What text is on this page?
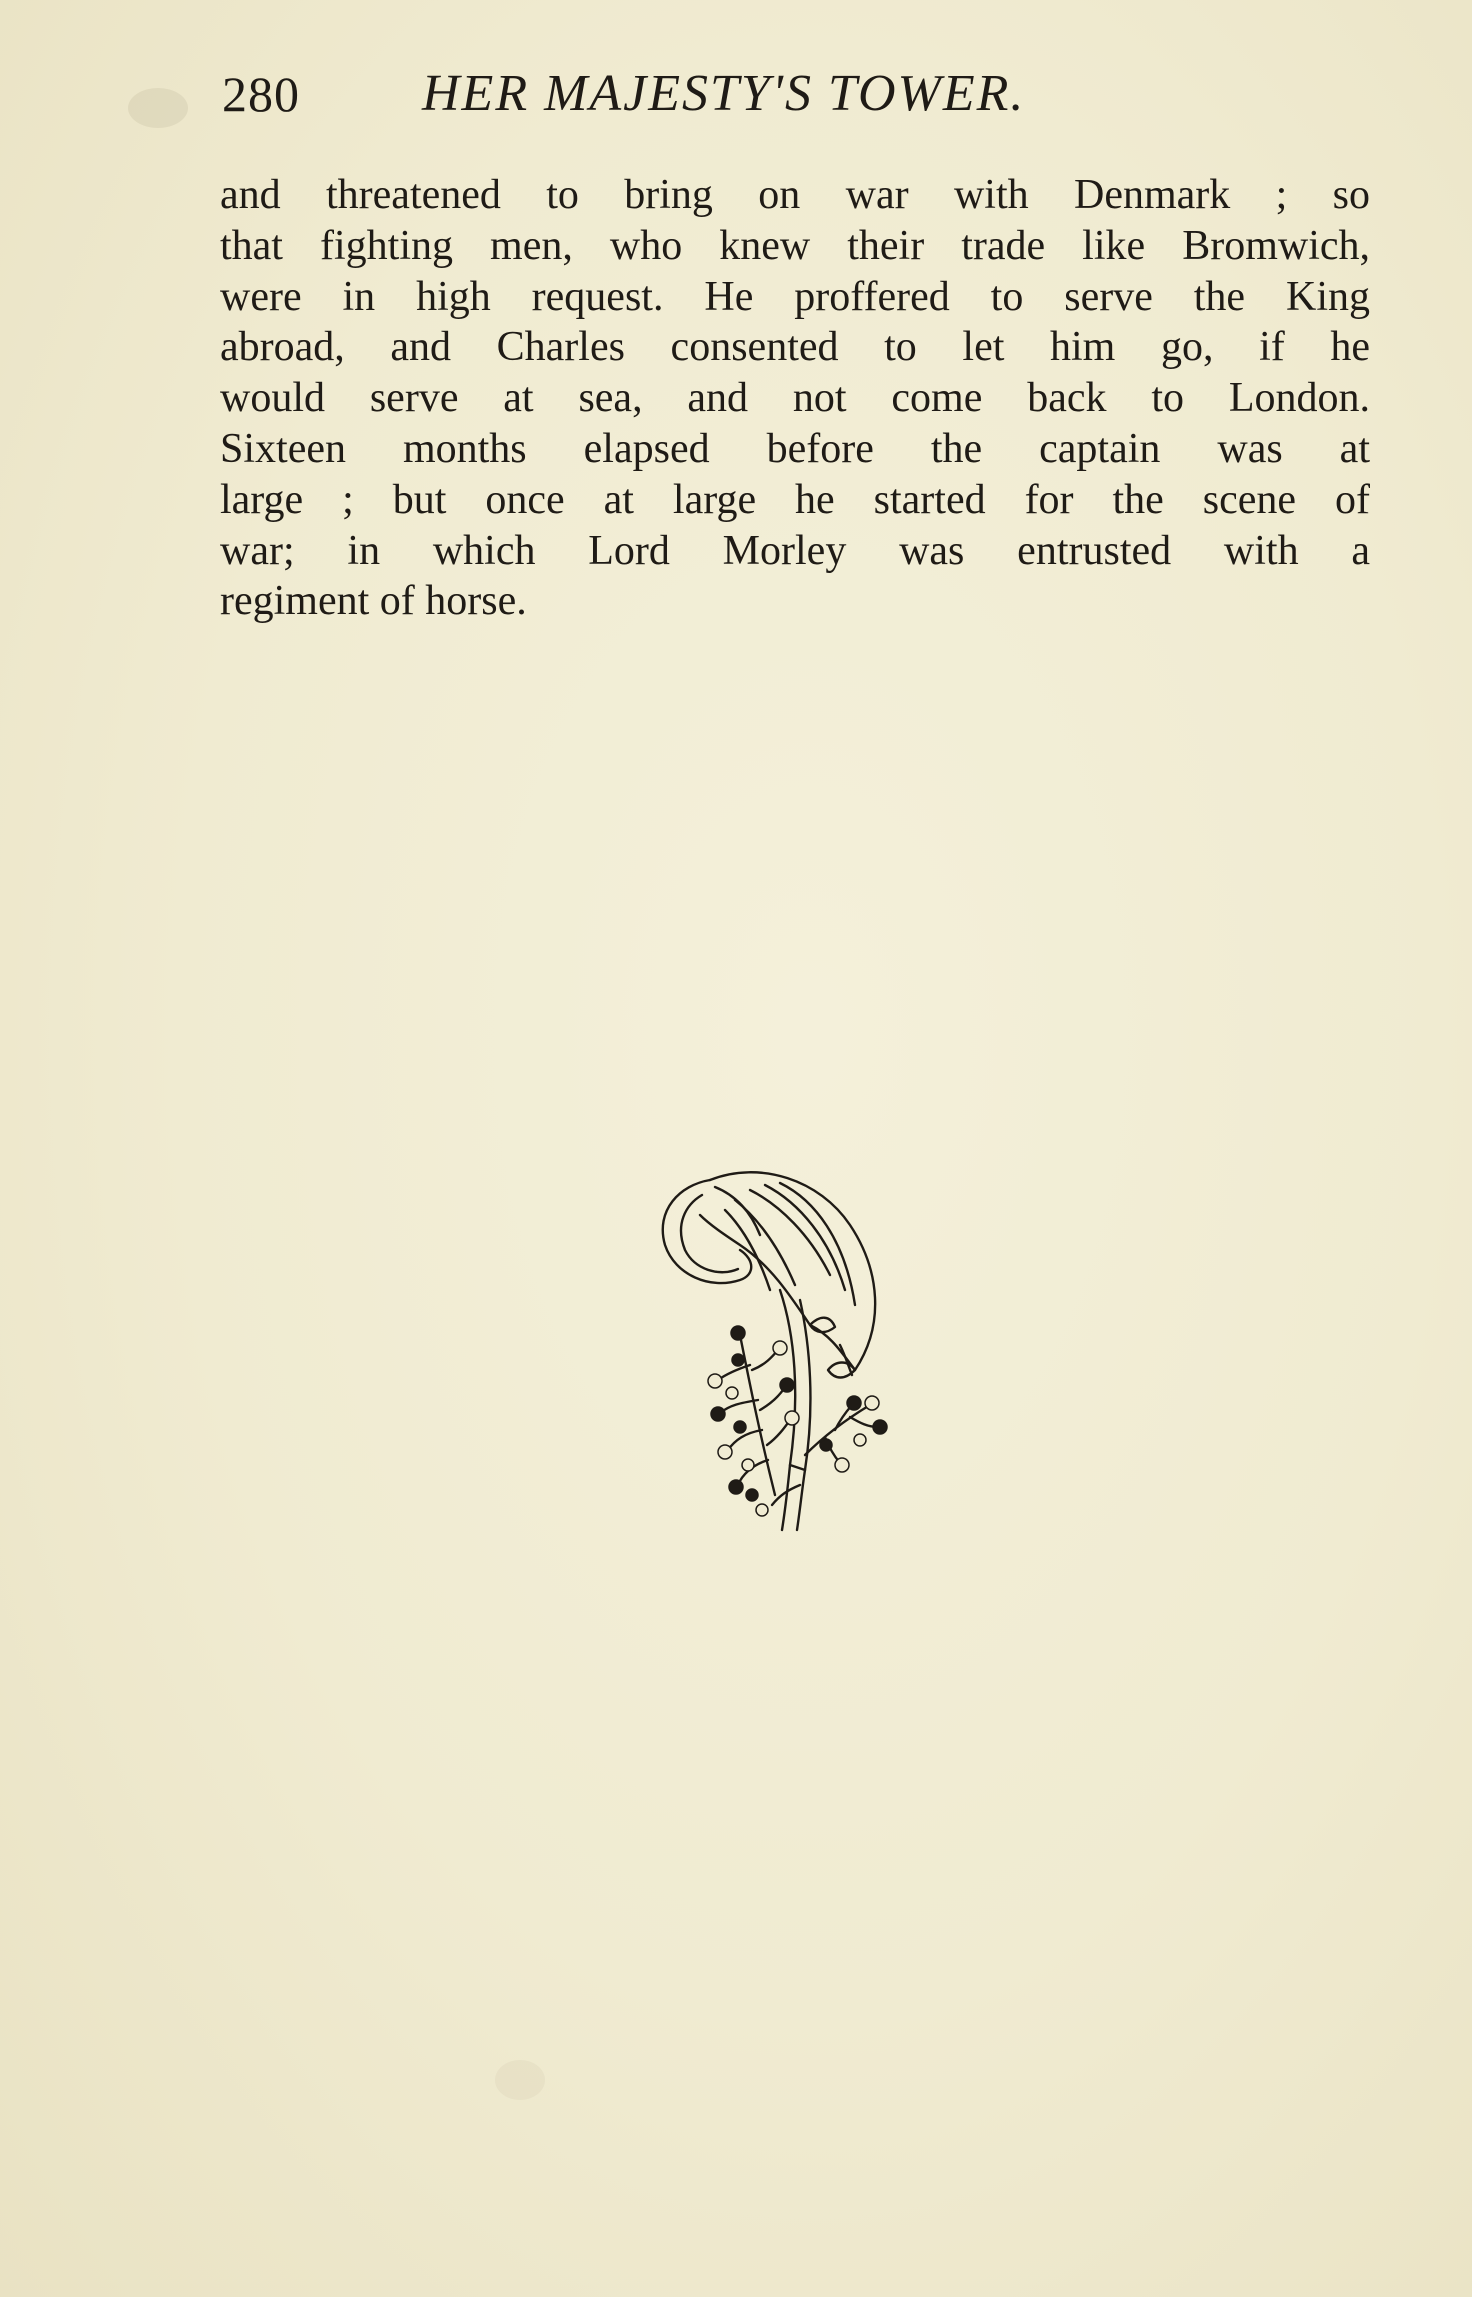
280 HER MAJESTY'S TOWER.
and threatened to bring on war with Denmark ; so
that fighting men, who knew their trade like Bromwich,
were in high request. He proffered to serve the King
abroad, and Charles consented to let him go, if he
would serve at sea, and not come back to London.
Sixteen months elapsed before the captain was at
large ; but once at large he started for the scene of
war; in which Lord Morley was entrusted with a
regiment of horse.
